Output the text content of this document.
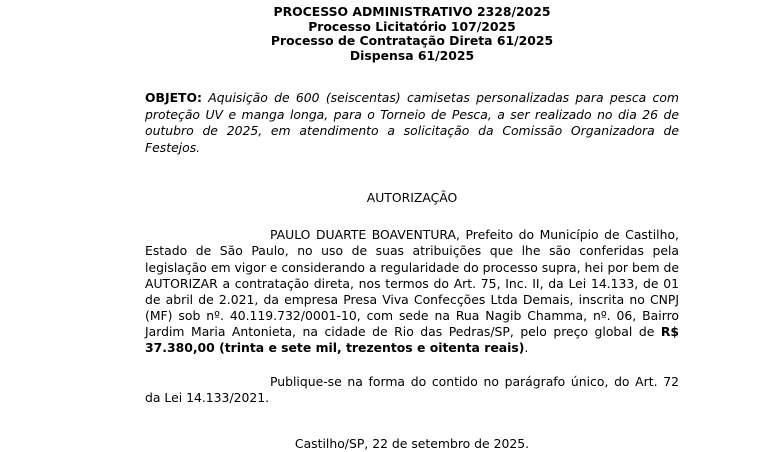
PROCESSO ADMINISTRATIVO 2328/2025
Processo Licitatório 107/2025
Processo de Contratação Direta 61/2025
Dispensa 61/2025
OBJETO: Aquisição de 600 (seiscentas) camisetas personalizadas para pesca com proteção UV e manga longa, para o Torneio de Pesca, a ser realizado no dia 26 de outubro de 2025, em atendimento a solicitação da Comissão Organizadora de Festejos.
AUTORIZAÇÃO
PAULO DUARTE BOAVENTURA, Prefeito do Município de Castilho, Estado de São Paulo, no uso de suas atribuições que lhe são conferidas pela legislação em vigor e considerando a regularidade do processo supra, hei por bem de AUTORIZAR a contratação direta, nos termos do Art. 75, Inc. II, da Lei 14.133, de 01 de abril de 2.021, da empresa Presa Viva Confecções Ltda Demais, inscrita no CNPJ (MF) sob nº. 40.119.732/0001-10, com sede na Rua Nagib Chamma, nº. 06, Bairro Jardim Maria Antonieta, na cidade de Rio das Pedras/SP, pelo preço global de R$ 37.380,00 (trinta e sete mil, trezentos e oitenta reais).
Publique-se na forma do contido no parágrafo único, do Art. 72 da Lei 14.133/2021.
Castilho/SP, 22 de setembro de 2025.
